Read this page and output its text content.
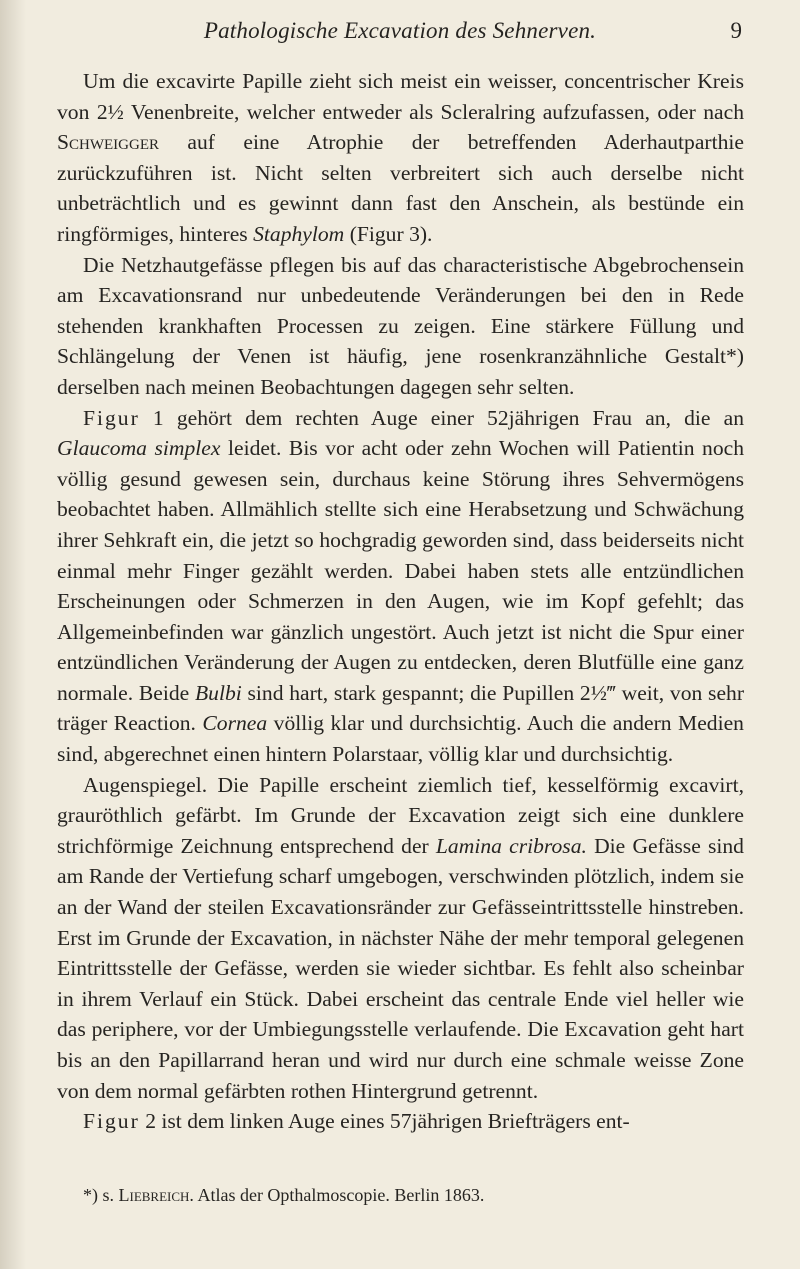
Pathologische Excavation des Sehnerven.	9

Um die excavirte Papille zieht sich meist ein weisser, concentrischer Kreis von 2½ Venenbreite, welcher entweder als Scleralring aufzufassen, oder nach Schweigger auf eine Atrophie der betreffenden Aderhautparthie zurückzuführen ist. Nicht selten verbreitert sich auch derselbe nicht unbeträchtlich und es gewinnt dann fast den Anschein, als bestünde ein ringförmiges, hinteres Staphylom (Figur 3).

Die Netzhautgefässe pflegen bis auf das characteristische Abgebrochensein am Excavationsrand nur unbedeutende Veränderungen bei den in Rede stehenden krankhaften Processen zu zeigen. Eine stärkere Füllung und Schlängelung der Venen ist häufig, jene rosenkranzähnliche Gestalt*) derselben nach meinen Beobachtungen dagegen sehr selten.

Figur 1 gehört dem rechten Auge einer 52jährigen Frau an, die an Glaucoma simplex leidet. Bis vor acht oder zehn Wochen will Patientin noch völlig gesund gewesen sein, durchaus keine Störung ihres Sehvermögens beobachtet haben. Allmählich stellte sich eine Herabsetzung und Schwächung ihrer Sehkraft ein, die jetzt so hochgradig geworden sind, dass beiderseits nicht einmal mehr Finger gezählt werden. Dabei haben stets alle entzündlichen Erscheinungen oder Schmerzen in den Augen, wie im Kopf gefehlt; das Allgemeinbefinden war gänzlich ungestört. Auch jetzt ist nicht die Spur einer entzündlichen Veränderung der Augen zu entdecken, deren Blutfülle eine ganz normale. Beide Bulbi sind hart, stark gespannt; die Pupillen 2½‴ weit, von sehr träger Reaction. Cornea völlig klar und durchsichtig. Auch die andern Medien sind, abgerechnet einen hintern Polarstaar, völlig klar und durchsichtig.

Augenspiegel. Die Papille erscheint ziemlich tief, kesselförmig excavirt, grauröthlich gefärbt. Im Grunde der Excavation zeigt sich eine dunklere strichförmige Zeichnung entsprechend der Lamina cribrosa. Die Gefässe sind am Rande der Vertiefung scharf umgebogen, verschwinden plötzlich, indem sie an der Wand der steilen Excavationsränder zur Gefässeintrittsstelle hinstreben. Erst im Grunde der Excavation, in nächster Nähe der mehr temporal gelegenen Eintrittsstelle der Gefässe, werden sie wieder sichtbar. Es fehlt also scheinbar in ihrem Verlauf ein Stück. Dabei erscheint das centrale Ende viel heller wie das periphere, vor der Umbiegungsstelle verlaufende. Die Excavation geht hart bis an den Papillarrand heran und wird nur durch eine schmale weisse Zone von dem normal gefärbten rothen Hintergrund getrennt.

Figur 2 ist dem linken Auge eines 57jährigen Briefträgers ent-

*) s. Liebreich. Atlas der Opthalmoscopie. Berlin 1863.
